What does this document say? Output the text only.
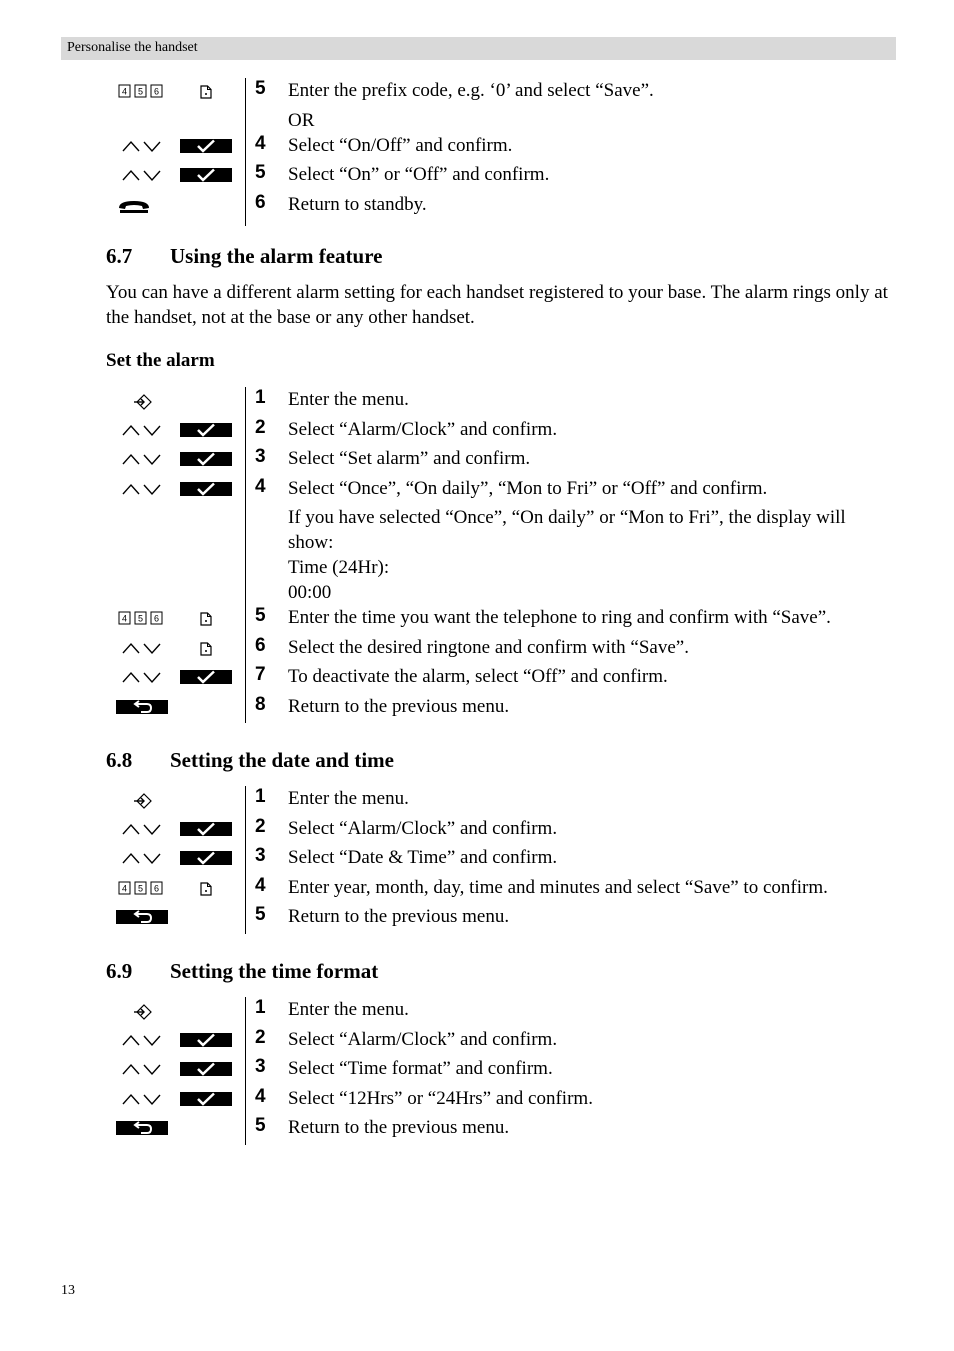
Personalise the handset
5 Enter the prefix code, e.g. ‘0’ and select “Save”.
4 5 6
OR
4 Select “On/Off” and confirm.
5 Select “On” or “Off” and confirm.
6 Return to standby.
6.7 Using the alarm feature
You can have a different alarm setting for each handset registered to your base. The alarm rings only at the handset, not at the base or any other handset.
Set the alarm
1 Enter the menu.
2 Select “Alarm/Clock” and confirm.
3 Select “Set alarm” and confirm.
4 Select “Once”, “On daily”, “Mon to Fri” or “Off” and confirm.
If you have selected “Once”, “On daily” or “Mon to Fri”, the display will show:
Time (24Hr):
00:00
5 Enter the time you want the telephone to ring and confirm with “Save”.
4 5 6
6 Select the desired ringtone and confirm with “Save”.
7 To deactivate the alarm, select “Off” and confirm.
8 Return to the previous menu.
6.8 Setting the date and time
1 Enter the menu.
2 Select “Alarm/Clock” and confirm.
3 Select “Date & Time” and confirm.
4 Enter year, month, day, time and minutes and select “Save” to confirm.
4 5 6
5 Return to the previous menu.
6.9 Setting the time format
1 Enter the menu.
2 Select “Alarm/Clock” and confirm.
3 Select “Time format” and confirm.
4 Select “12Hrs” or “24Hrs” and confirm.
5 Return to the previous menu.
13
